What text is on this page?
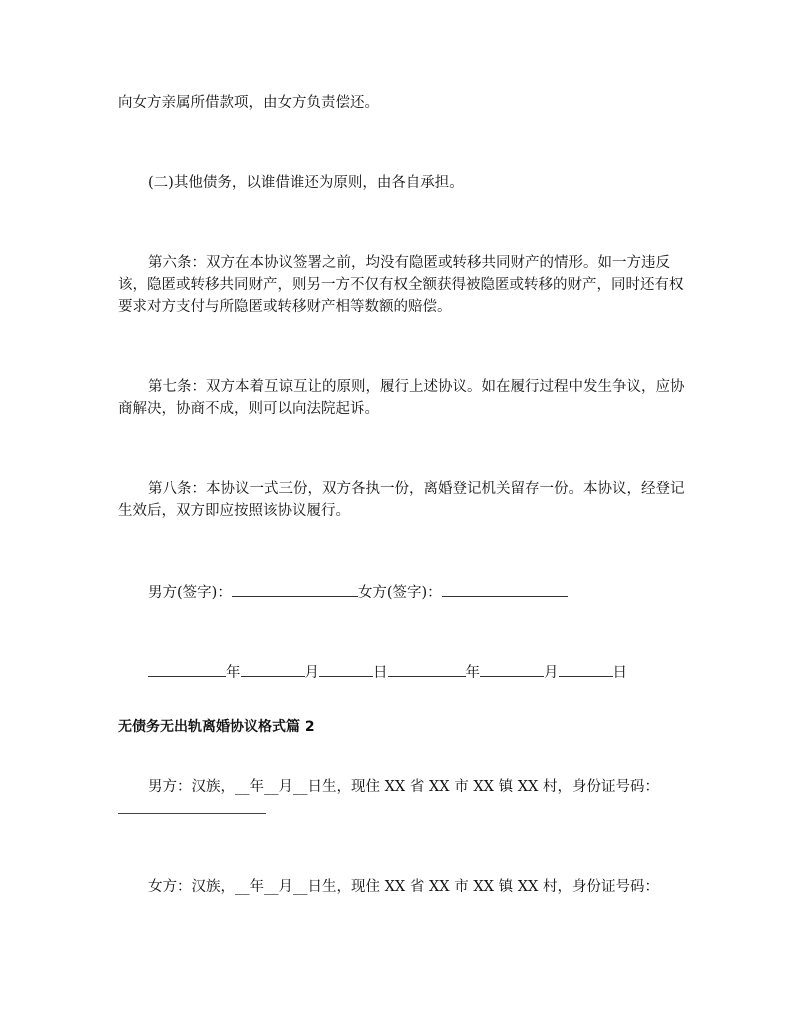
向女方亲属所借款项，由女方负责偿还。
(二)其他债务，以谁借谁还为原则，由各自承担。
第六条：双方在本协议签署之前，均没有隐匿或转移共同财产的情形。如一方违反该，隐匿或转移共同财产，则另一方不仅有权全额获得被隐匿或转移的财产，同时还有权要求对方支付与所隐匿或转移财产相等数额的赔偿。
第七条：双方本着互谅互让的原则，履行上述协议。如在履行过程中发生争议，应协商解决，协商不成，则可以向法院起诉。
第八条：本协议一式三份，双方各执一份，离婚登记机关留存一份。本协议，经登记生效后，双方即应按照该协议履行。
男方(签字)：	女方(签字)：
年	月	日	年	月	日
无债务无出轨离婚协议格式篇 2
男方：汉族，__年__月__日生，现住 XX 省 XX 市 XX 镇 XX 村，身份证号码：
女方：汉族，__年__月__日生，现住 XX 省 XX 市 XX 镇 XX 村，身份证号码：
